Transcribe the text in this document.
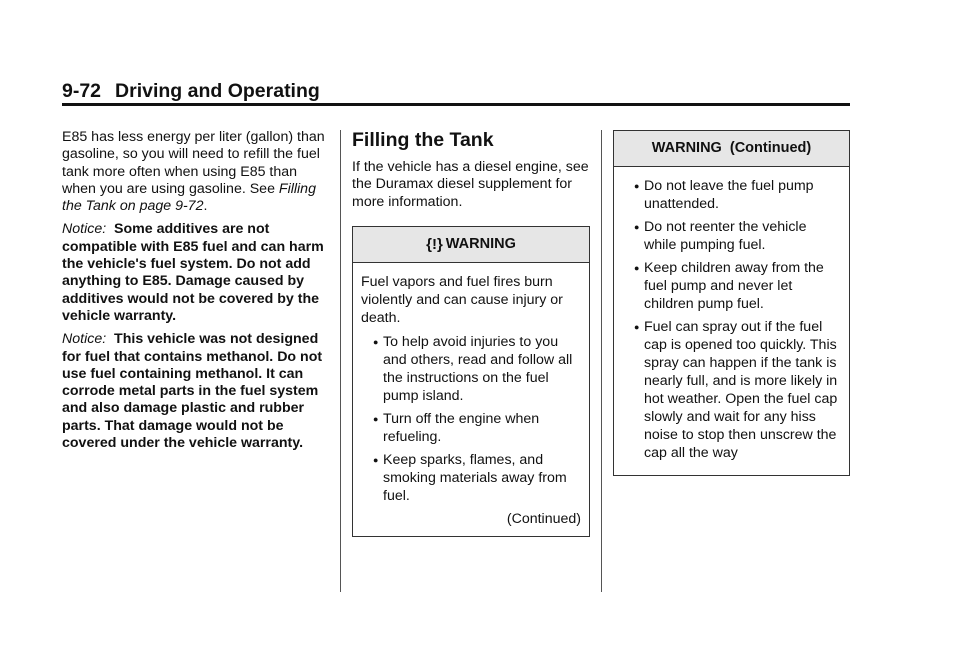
9-72 Driving and Operating

E85 has less energy per liter (gallon) than gasoline, so you will need to refill the fuel tank more often when using E85 than when you are using gasoline. See Filling the Tank on page 9-72.

Notice: Some additives are not compatible with E85 fuel and can harm the vehicle's fuel system. Do not add anything to E85. Damage caused by additives would not be covered by the vehicle warranty.

Notice: This vehicle was not designed for fuel that contains methanol. Do not use fuel containing methanol. It can corrode metal parts in the fuel system and also damage plastic and rubber parts. That damage would not be covered under the vehicle warranty.

Filling the Tank

If the vehicle has a diesel engine, see the Duramax diesel supplement for more information.

{!} WARNING

Fuel vapors and fuel fires burn violently and can cause injury or death.

● To help avoid injuries to you and others, read and follow all the instructions on the fuel pump island.
● Turn off the engine when refueling.
● Keep sparks, flames, and smoking materials away from fuel.
(Continued)
WARNING  (Continued)
● Do not leave the fuel pump unattended.
● Do not reenter the vehicle while pumping fuel.
● Keep children away from the fuel pump and never let children pump fuel.
● Fuel can spray out if the fuel cap is opened too quickly. This spray can happen if the tank is nearly full, and is more likely in hot weather. Open the fuel cap slowly and wait for any hiss noise to stop then unscrew the cap all the way
